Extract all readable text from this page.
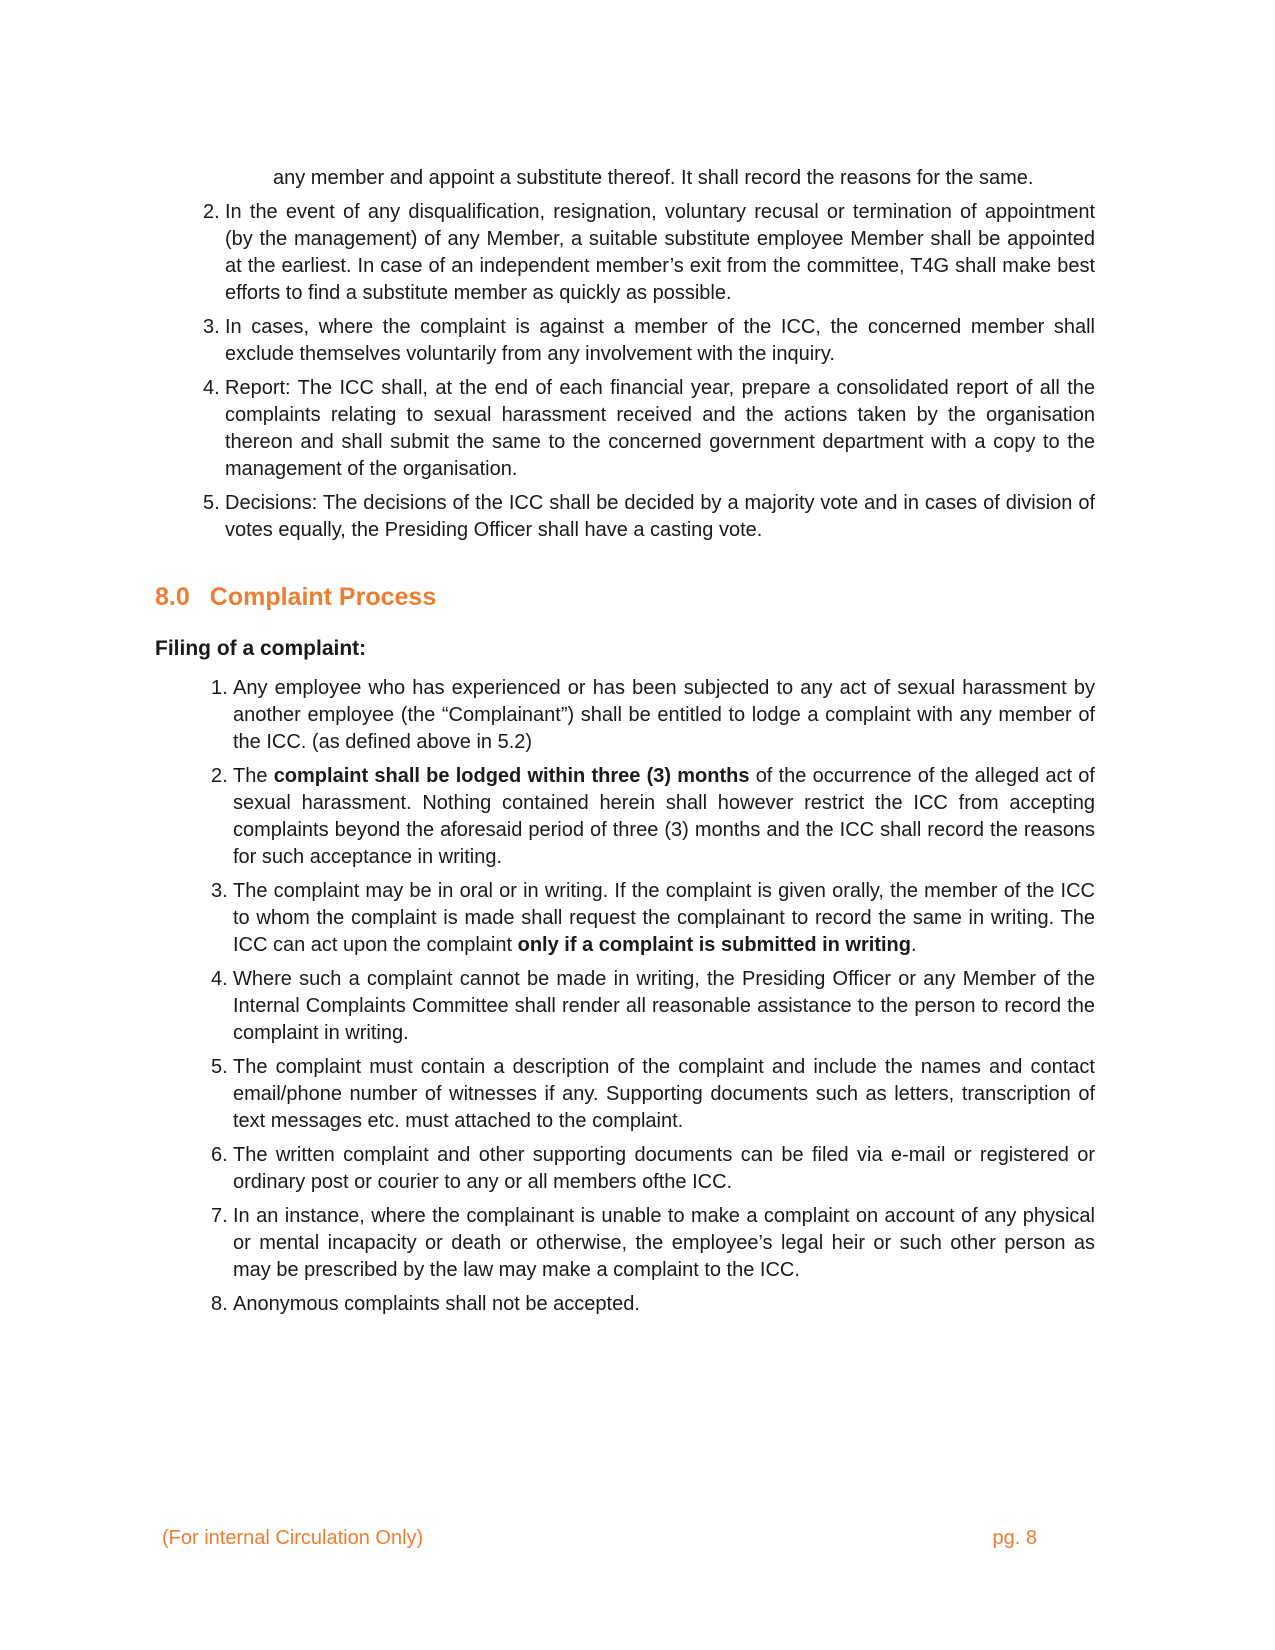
any member and appoint a substitute thereof. It shall record the reasons for the same.

2. In the event of any disqualification, resignation, voluntary recusal or termination of appointment (by the management) of any Member, a suitable substitute employee Member shall be appointed at the earliest. In case of an independent member’s exit from the committee, T4G shall make best efforts to find a substitute member as quickly as possible.
3. In cases, where the complaint is against a member of the ICC, the concerned member shall exclude themselves voluntarily from any involvement with the inquiry.
4. Report: The ICC shall, at the end of each financial year, prepare a consolidated report of all the complaints relating to sexual harassment received and the actions taken by the organisation thereon and shall submit the same to the concerned government department with a copy to the management of the organisation.
5. Decisions: The decisions of the ICC shall be decided by a majority vote and in cases of division of votes equally, the Presiding Officer shall have a casting vote.
8.0 Complaint Process
Filing of a complaint:
1. Any employee who has experienced or has been subjected to any act of sexual harassment by another employee (the “Complainant”) shall be entitled to lodge a complaint with any member of the ICC. (as defined above in 5.2)
2. The complaint shall be lodged within three (3) months of the occurrence of the alleged act of sexual harassment. Nothing contained herein shall however restrict the ICC from accepting complaints beyond the aforesaid period of three (3) months and the ICC shall record the reasons for such acceptance in writing.
3. The complaint may be in oral or in writing. If the complaint is given orally, the member of the ICC to whom the complaint is made shall request the complainant to record the same in writing. The ICC can act upon the complaint only if a complaint is submitted in writing.
4. Where such a complaint cannot be made in writing, the Presiding Officer or any Member of the Internal Complaints Committee shall render all reasonable assistance to the person to record the complaint in writing.
5. The complaint must contain a description of the complaint and include the names and contact email/phone number of witnesses if any. Supporting documents such as letters, transcription of text messages etc. must attached to the complaint.
6. The written complaint and other supporting documents can be filed via e-mail or registered or ordinary post or courier to any or all members ofthe ICC.
7. In an instance, where the complainant is unable to make a complaint on account of any physical or mental incapacity or death or otherwise, the employee’s legal heir or such other person as may be prescribed by the law may make a complaint to the ICC.
8. Anonymous complaints shall not be accepted.
(For internal Circulation Only)	pg. 8
